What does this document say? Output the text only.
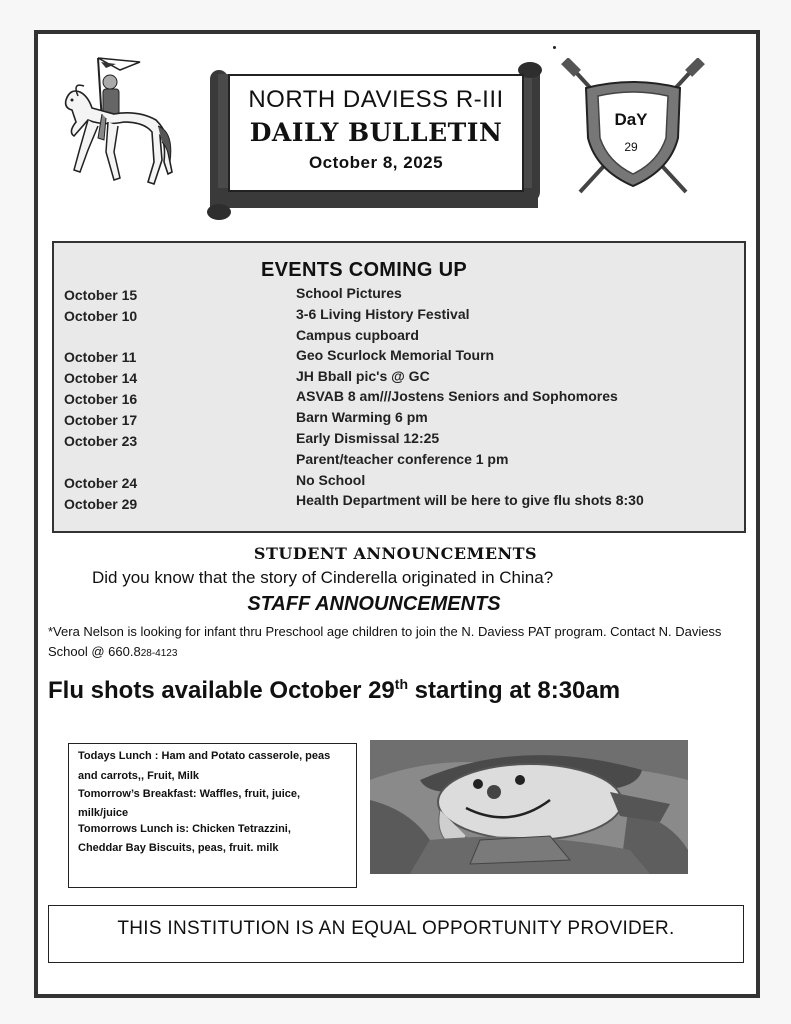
NORTH DAVIESS R-III
DAILY BULLETIN
October 8, 2025
DaY
29
EVENTS COMING UP
October 15	School Pictures
October 10	3-6 Living History Festival
Campus cupboard
October 11	Geo Scurlock Memorial Tourn
October 14	JH Bball pic's @ GC
October 16	ASVAB 8 am///Jostens Seniors and Sophomores
October 17	Barn Warming 6 pm
October 23	Early Dismissal 12:25
Parent/teacher conference 1 pm
October 24	No School
October 29	Health Department will be here to give flu shots 8:30
STUDENT ANNOUNCEMENTS
Did you know that the story of Cinderella originated in China?
STAFF ANNOUNCEMENTS
*Vera Nelson is looking for infant thru Preschool age children to join the N. Daviess PAT program. Contact N. Daviess School @ 660.828-4123
Flu shots available October 29th starting at 8:30am
Todays Lunch : Ham and Potato casserole, peas
and carrots,, Fruit, Milk
Tomorrow’s Breakfast: Waffles, fruit, juice,
milk/juice
Tomorrows Lunch is: Chicken Tetrazzini,
Cheddar Bay Biscuits, peas, fruit. milk
THIS INSTITUTION IS AN EQUAL OPPORTUNITY PROVIDER.
